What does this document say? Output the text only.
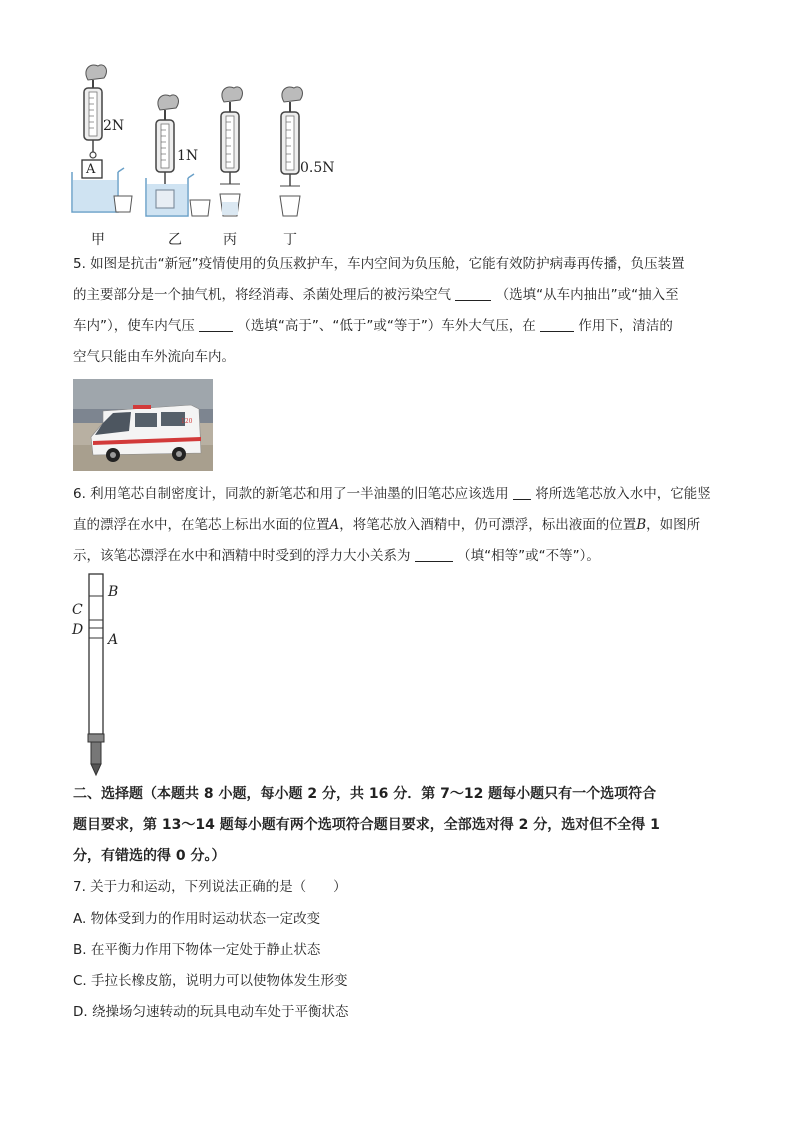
2N
A
1N
0.5N
甲	乙	丙	丁
5. 如图是抗击“新冠”疫情使用的负压救护车，车内空间为负压舱，它能有效防护病毒再传播，负压装置
的主要部分是一个抽气机，将经消毒、杀菌处理后的被污染空气	（选填“从车内抽出”或“抽入至
车内”），使车内气压	（选填“高于”、“低于”或“等于”）车外大气压，在	作用下，清洁的
空气只能由车外流向车内。
120
6. 利用笔芯自制密度计，同款的新笔芯和用了一半油墨的旧笔芯应该选用 将所选笔芯放入水中，它能竖
直的漂浮在水中，在笔芯上标出水面的位置A，将笔芯放入酒精中，仍可漂浮，标出液面的位置B，如图所
示，该笔芯漂浮在水中和酒精中时受到的浮力大小关系为	（填“相等”或“不等”）。
B
C
D
A
二、选择题（本题共 8 小题，每小题 2 分，共 16 分．第 7～12 题每小题只有一个选项符合
题目要求，第 13～14 题每小题有两个选项符合题目要求，全部选对得 2 分，选对但不全得 1
分，有错选的得 0 分。）
7. 关于力和运动，下列说法正确的是（　　）
A. 物体受到力的作用时运动状态一定改变
B. 在平衡力作用下物体一定处于静止状态
C. 手拉长橡皮筋，说明力可以使物体发生形变
D. 绕操场匀速转动的玩具电动车处于平衡状态
